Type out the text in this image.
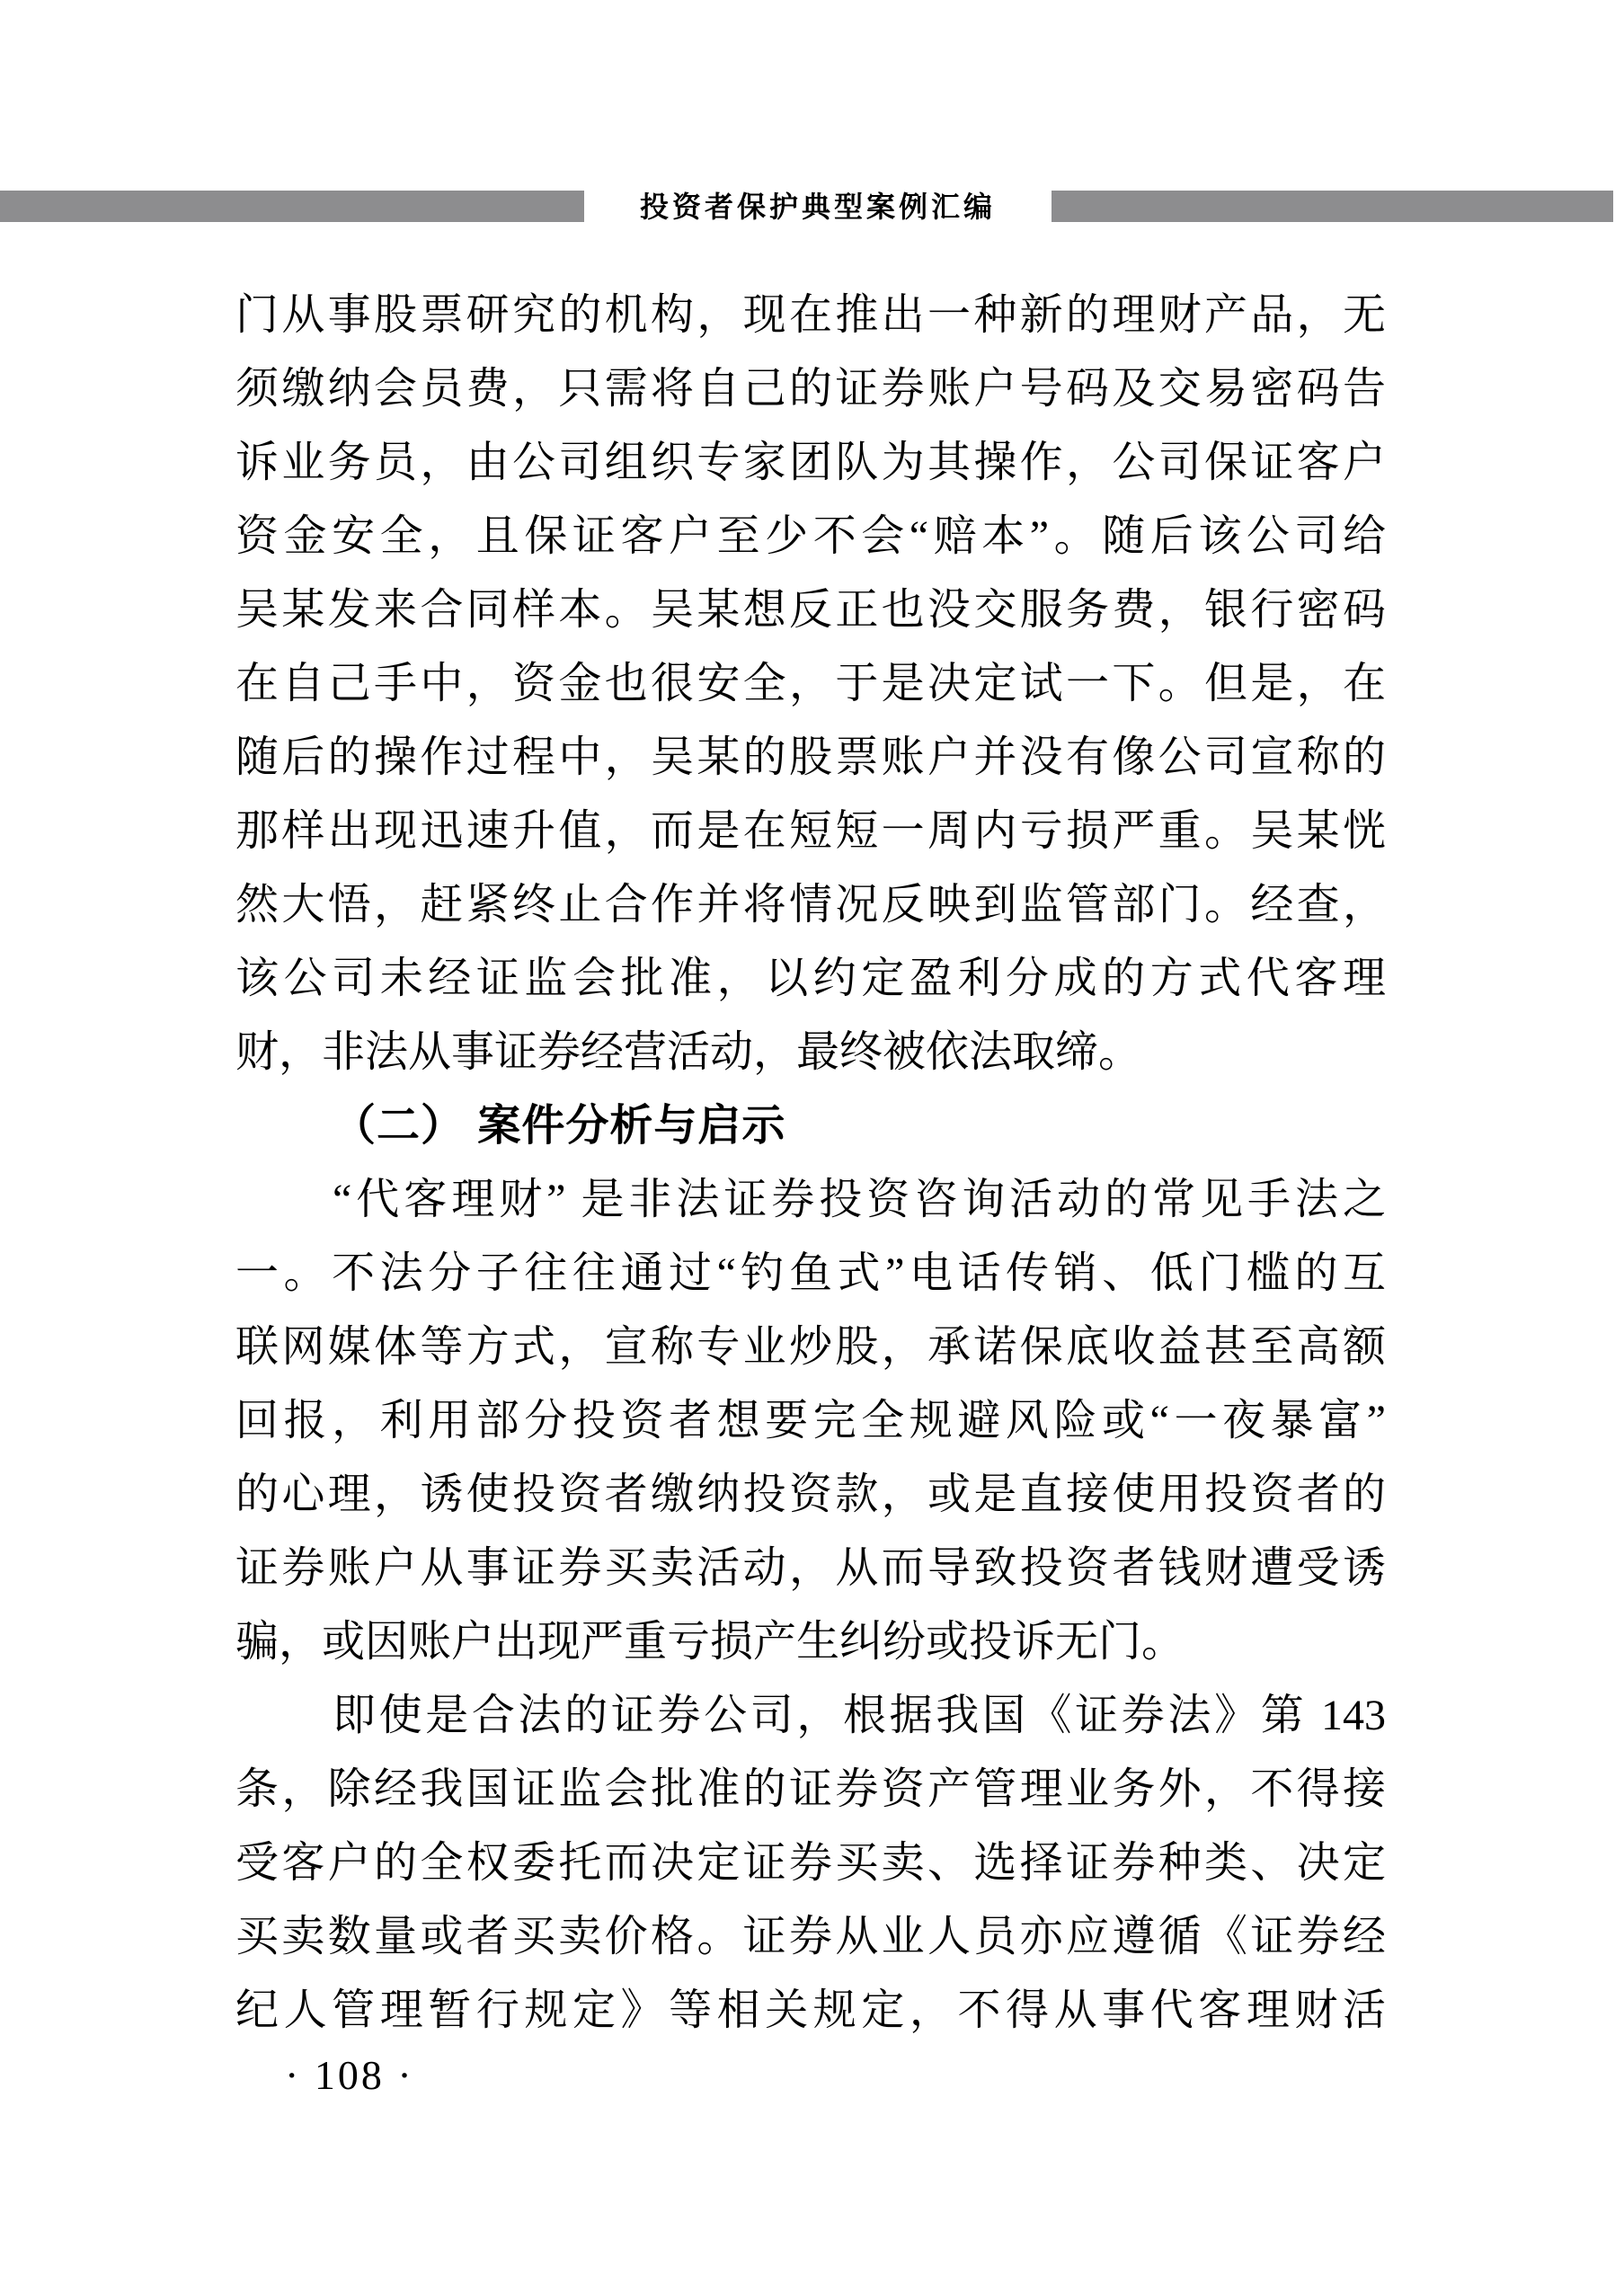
投资者保护典型案例汇编
门从事股票研究的机构，现在推出一种新的理财产品，无
须缴纳会员费，只需将自己的证券账户号码及交易密码告
诉业务员，由公司组织专家团队为其操作，公司保证客户
资金安全，且保证客户至少不会“赔本”。随后该公司给
吴某发来合同样本。吴某想反正也没交服务费，银行密码
在自己手中，资金也很安全，于是决定试一下。但是，在
随后的操作过程中，吴某的股票账户并没有像公司宣称的
那样出现迅速升值，而是在短短一周内亏损严重。吴某恍
然大悟，赶紧终止合作并将情况反映到监管部门。经查，
该公司未经证监会批准，以约定盈利分成的方式代客理
财，非法从事证券经营活动，最终被依法取缔。
（二） 案件分析与启示
“代客理财” 是非法证券投资咨询活动的常见手法之
一。不法分子往往通过“钓鱼式”电话传销、低门槛的互
联网媒体等方式，宣称专业炒股，承诺保底收益甚至高额
回报，利用部分投资者想要完全规避风险或“一夜暴富”
的心理，诱使投资者缴纳投资款，或是直接使用投资者的
证券账户从事证券买卖活动，从而导致投资者钱财遭受诱
骗，或因账户出现严重亏损产生纠纷或投诉无门。
即使是合法的证券公司，根据我国《证券法》第 143
条，除经我国证监会批准的证券资产管理业务外，不得接
受客户的全权委托而决定证券买卖、选择证券种类、决定
买卖数量或者买卖价格。证券从业人员亦应遵循《证券经
纪人管理暂行规定》等相关规定，不得从事代客理财活
· 108 ·
